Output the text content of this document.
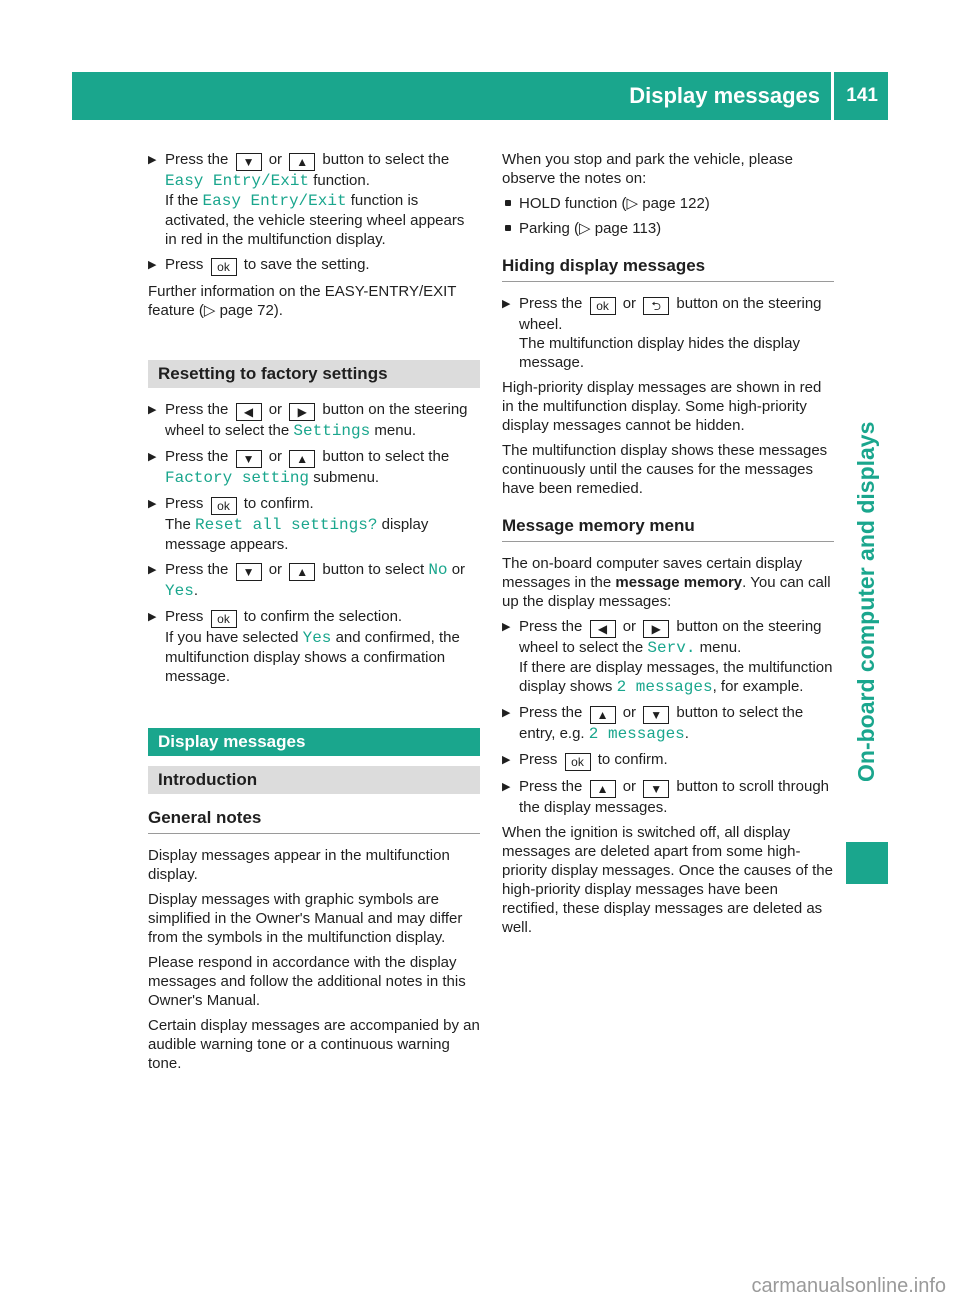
Display messages 141
On-board computer and displays
▶ Press the ▼ or ▲ button to select the Easy Entry/Exit function.
If the Easy Entry/Exit function is activated, the vehicle steering wheel appears in red in the multifunction display.
▶ Press ok to save the setting.

Further information on the EASY-ENTRY/EXIT feature (▷ page 72).

Resetting to factory settings
▶ Press the ◀ or ▶ button on the steering wheel to select the Settings menu.
▶ Press the ▼ or ▲ button to select the Factory setting submenu.
▶ Press ok to confirm.
The Reset all settings? display message appears.
▶ Press the ▼ or ▲ button to select No or Yes.
▶ Press ok to confirm the selection.
If you have selected Yes and confirmed, the multifunction display shows a confirmation message.
Display messages
Introduction
General notes

Display messages appear in the multifunction display.

Display messages with graphic symbols are simplified in the Owner's Manual and may differ from the symbols in the multifunction display.

Please respond in accordance with the display messages and follow the additional notes in this Owner's Manual.

Certain display messages are accompanied by an audible warning tone or a continuous warning tone.

When you stop and park the vehicle, please observe the notes on:

HOLD function (▷ page 122)
Parking (▷ page 113)
Hiding display messages
▶ Press the ok or ⮌ button on the steering wheel.
The multifunction display hides the display message.

High-priority display messages are shown in red in the multifunction display. Some high-priority display messages cannot be hidden.

The multifunction display shows these messages continuously until the causes for the messages have been remedied.

Message memory menu

The on-board computer saves certain display messages in the message memory. You can call up the display messages:

▶ Press the ◀ or ▶ button on the steering wheel to select the Serv. menu.
If there are display messages, the multifunction display shows 2 messages, for example.
▶ Press the ▲ or ▼ button to select the entry, e.g. 2 messages.
▶ Press ok to confirm.
▶ Press the ▲ or ▼ button to scroll through the display messages.

When the ignition is switched off, all display messages are deleted apart from some high-priority display messages. Once the causes of the high-priority display messages have been rectified, these display messages are deleted as well.

carmanualsonline.info
